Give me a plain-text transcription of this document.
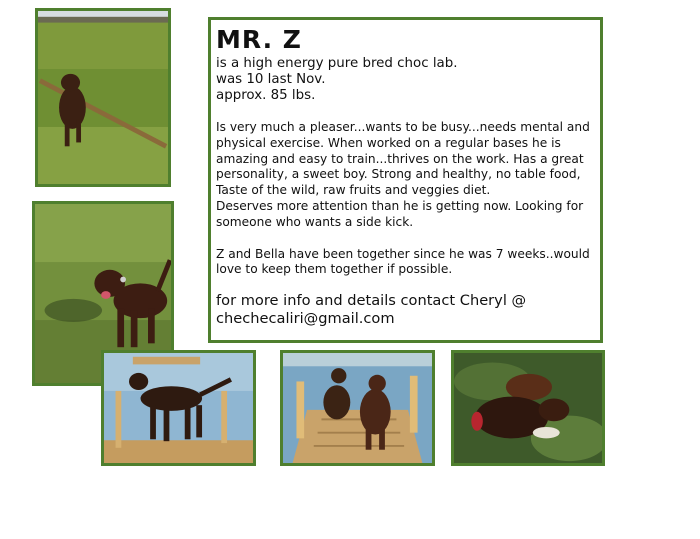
MR. Z

is a high energy pure bred choc lab.

was 10 last Nov.

approx. 85 lbs.

Is very much a pleaser...wants to be busy...needs mental and

physical exercise. When worked on a regular bases he is

amazing and easy to train...thrives on the work. Has a great

personality, a sweet boy. Strong and healthy, no table food,

Taste of the wild, raw fruits and veggies diet.

Deserves more attention than he is getting now. Looking for

someone who wants a side kick.

Z and Bella have been together since he was 7 weeks..would

love to keep them together if possible.

for more info and details contact Cheryl @

chechecaliri@gmail.com
